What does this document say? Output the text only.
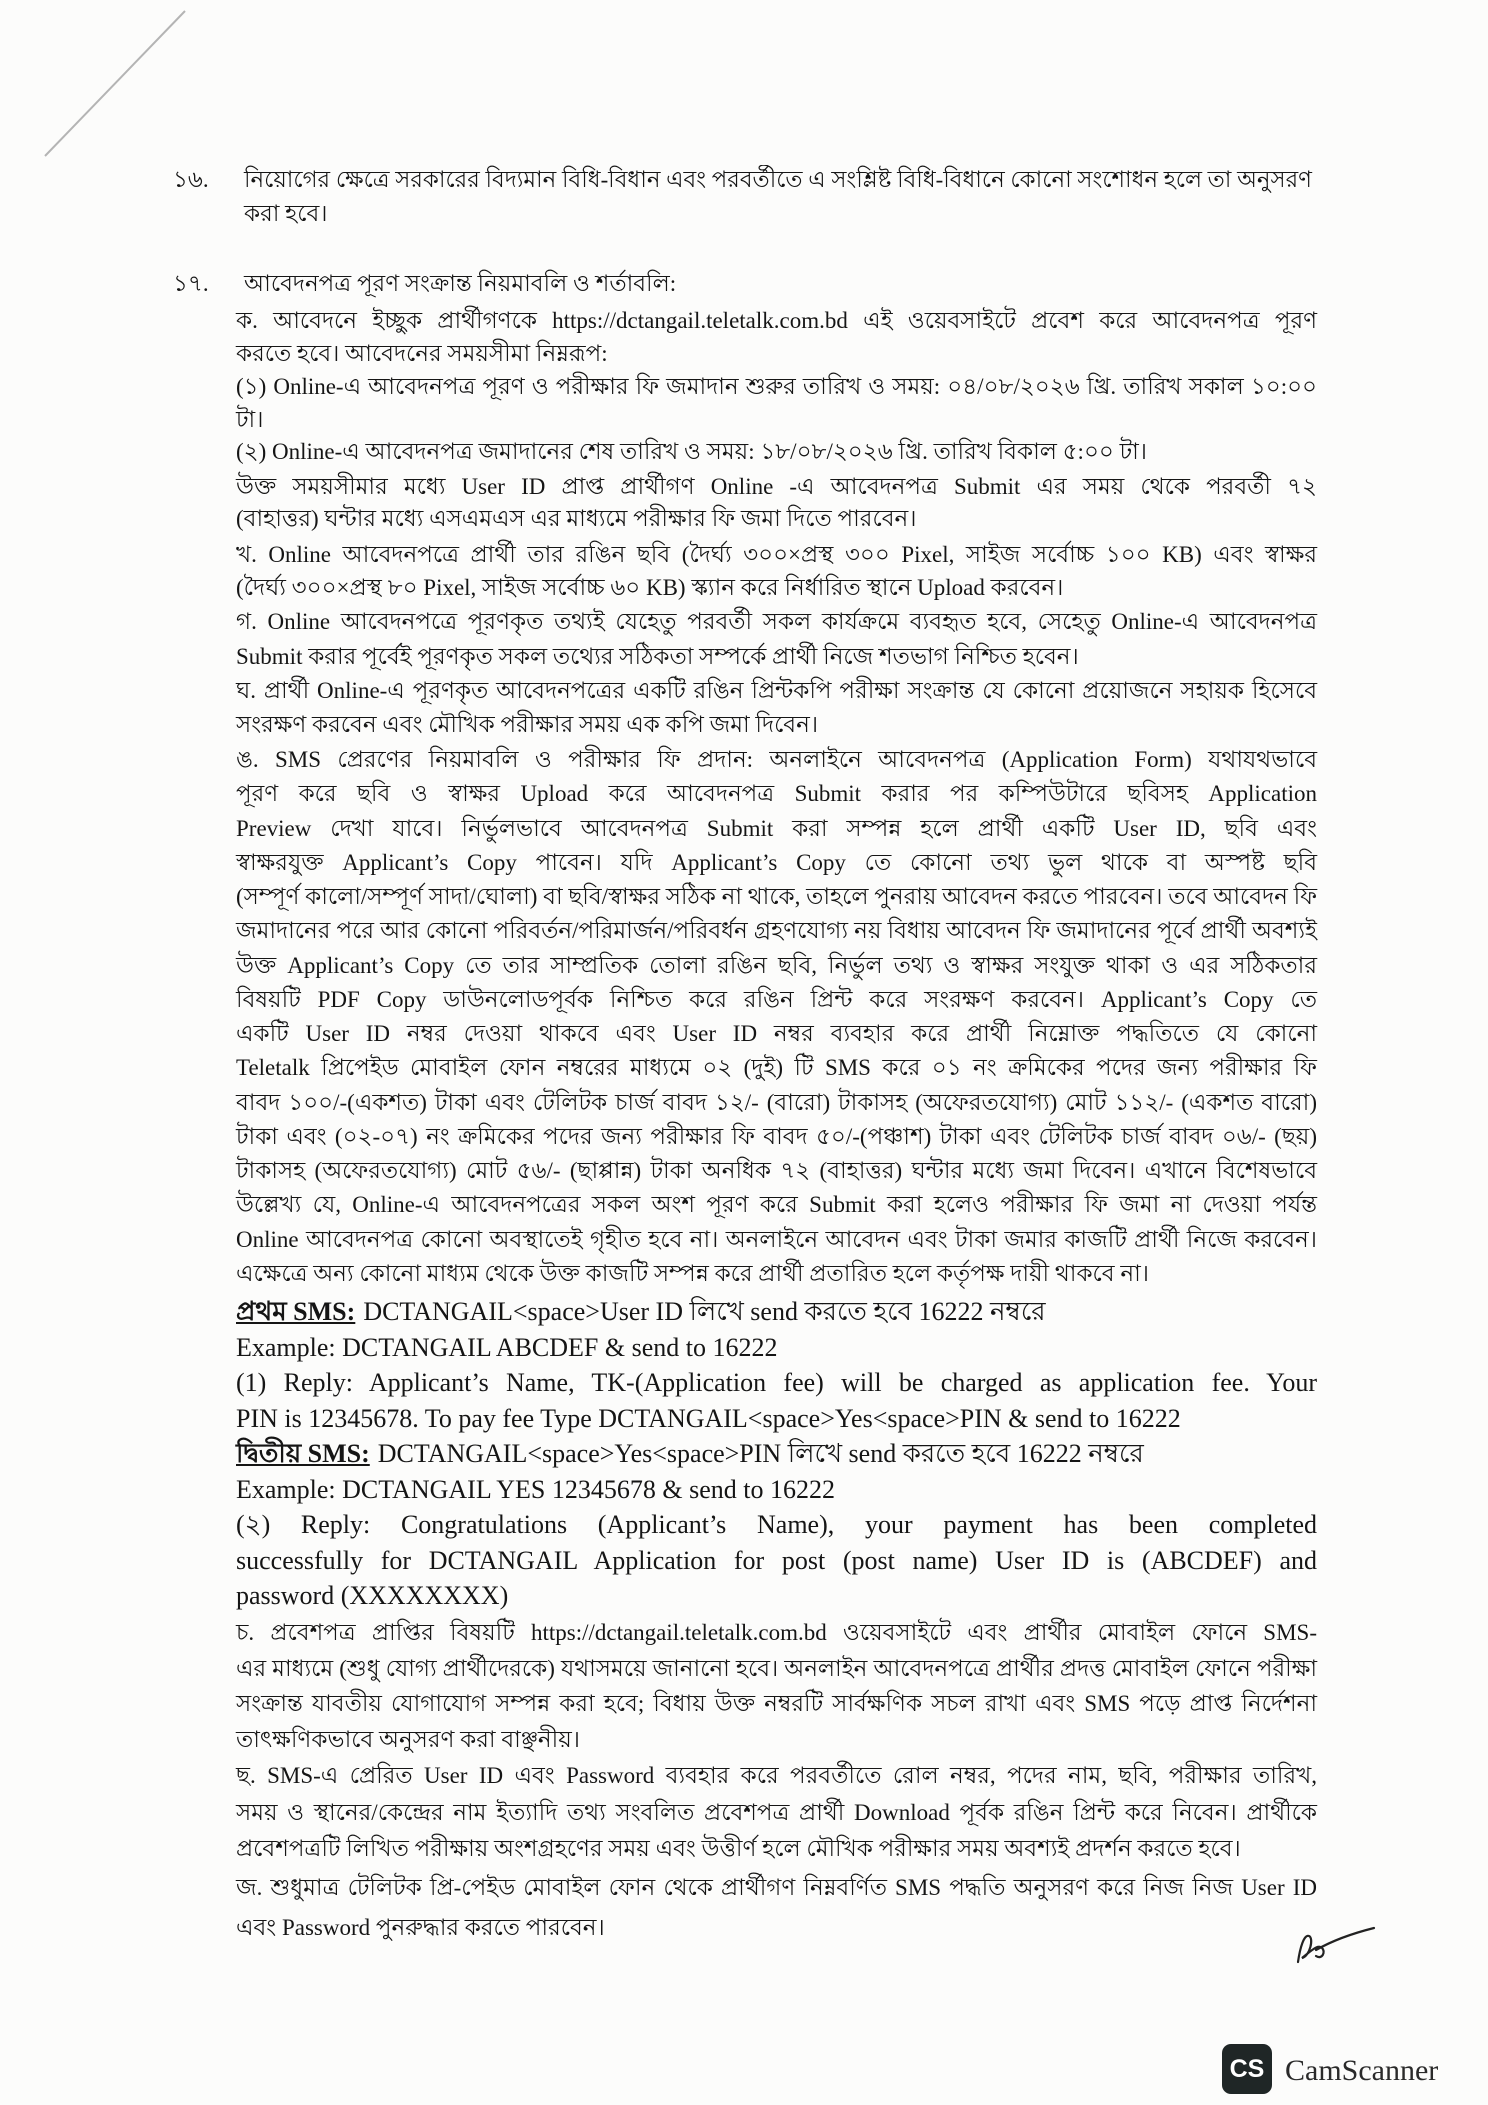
১৬. নিয়োগের ক্ষেত্রে সরকারের বিদ্যমান বিধি-বিধান এবং পরবর্তীতে এ সংশ্লিষ্ট বিধি-বিধানে কোনো সংশোধন হলে তা অনুসরণ
করা হবে।
১৭. আবেদনপত্র পূরণ সংক্রান্ত নিয়মাবলি ও শর্তাবলি:
ক. আবেদনে ইচ্ছুক প্রার্থীগণকে https://dctangail.teletalk.com.bd এই ওয়েবসাইটে প্রবেশ করে আবেদনপত্র পূরণ
করতে হবে। আবেদনের সময়সীমা নিম্নরূপ:
(১) Online-এ আবেদনপত্র পূরণ ও পরীক্ষার ফি জমাদান শুরুর তারিখ ও সময়: ০৪/০৮/২০২৬ খ্রি. তারিখ সকাল ১০:০০
টা।
(২) Online-এ আবেদনপত্র জমাদানের শেষ তারিখ ও সময়: ১৮/০৮/২০২৬ খ্রি. তারিখ বিকাল ৫:০০ টা।
উক্ত সময়সীমার মধ্যে User ID প্রাপ্ত প্রার্থীগণ Online -এ আবেদনপত্র Submit এর সময় থেকে পরবর্তী ৭২
(বাহাত্তর) ঘন্টার মধ্যে এসএমএস এর মাধ্যমে পরীক্ষার ফি জমা দিতে পারবেন।
খ. Online আবেদনপত্রে প্রার্থী তার রঙিন ছবি (দৈর্ঘ্য ৩০০×প্রস্থ ৩০০ Pixel, সাইজ সর্বোচ্চ ১০০ KB) এবং স্বাক্ষর
(দৈর্ঘ্য ৩০০×প্রস্থ ৮০ Pixel, সাইজ সর্বোচ্চ ৬০ KB) স্ক্যান করে নির্ধারিত স্থানে Upload করবেন।
গ. Online আবেদনপত্রে পূরণকৃত তথ্যই যেহেতু পরবর্তী সকল কার্যক্রমে ব্যবহৃত হবে, সেহেতু Online-এ আবেদনপত্র
Submit করার পূর্বেই পূরণকৃত সকল তথ্যের সঠিকতা সম্পর্কে প্রার্থী নিজে শতভাগ নিশ্চিত হবেন।
ঘ. প্রার্থী Online-এ পূরণকৃত আবেদনপত্রের একটি রঙিন প্রিন্টকপি পরীক্ষা সংক্রান্ত যে কোনো প্রয়োজনে সহায়ক হিসেবে
সংরক্ষণ করবেন এবং মৌখিক পরীক্ষার সময় এক কপি জমা দিবেন।
ঙ. SMS প্রেরণের নিয়মাবলি ও পরীক্ষার ফি প্রদান: অনলাইনে আবেদনপত্র (Application Form) যথাযথভাবে
পূরণ করে ছবি ও স্বাক্ষর Upload করে আবেদনপত্র Submit করার পর কম্পিউটারে ছবিসহ Application
Preview দেখা যাবে। নির্ভুলভাবে আবেদনপত্র Submit করা সম্পন্ন হলে প্রার্থী একটি User ID, ছবি এবং
স্বাক্ষরযুক্ত Applicant’s Copy পাবেন। যদি Applicant’s Copy তে কোনো তথ্য ভুল থাকে বা অস্পষ্ট ছবি
(সম্পূর্ণ কালো/সম্পূর্ণ সাদা/ঘোলা) বা ছবি/স্বাক্ষর সঠিক না থাকে, তাহলে পুনরায় আবেদন করতে পারবেন। তবে আবেদন ফি
জমাদানের পরে আর কোনো পরিবর্তন/পরিমার্জন/পরিবর্ধন গ্রহণযোগ্য নয় বিধায় আবেদন ফি জমাদানের পূর্বে প্রার্থী অবশ্যই
উক্ত Applicant’s Copy তে তার সাম্প্রতিক তোলা রঙিন ছবি, নির্ভুল তথ্য ও স্বাক্ষর সংযুক্ত থাকা ও এর সঠিকতার
বিষয়টি PDF Copy ডাউনলোডপূর্বক নিশ্চিত করে রঙিন প্রিন্ট করে সংরক্ষণ করবেন। Applicant’s Copy তে
একটি User ID নম্বর দেওয়া থাকবে এবং User ID নম্বর ব্যবহার করে প্রার্থী নিম্নোক্ত পদ্ধতিতে যে কোনো
Teletalk প্রিপেইড মোবাইল ফোন নম্বরের মাধ্যমে ০২ (দুই) টি SMS করে ০১ নং ক্রমিকের পদের জন্য পরীক্ষার ফি
বাবদ ১০০/-(একশত) টাকা এবং টেলিটক চার্জ বাবদ ১২/- (বারো) টাকাসহ (অফেরতযোগ্য) মোট ১১২/- (একশত বারো)
টাকা এবং (০২-০৭) নং ক্রমিকের পদের জন্য পরীক্ষার ফি বাবদ ৫০/-(পঞ্চাশ) টাকা এবং টেলিটক চার্জ বাবদ ০৬/- (ছয়)
টাকাসহ (অফেরতযোগ্য) মোট ৫৬/- (ছাপ্পান্ন) টাকা অনধিক ৭২ (বাহাত্তর) ঘন্টার মধ্যে জমা দিবেন। এখানে বিশেষভাবে
উল্লেখ্য যে, Online-এ আবেদনপত্রের সকল অংশ পূরণ করে Submit করা হলেও পরীক্ষার ফি জমা না দেওয়া পর্যন্ত
Online আবেদনপত্র কোনো অবস্থাতেই গৃহীত হবে না। অনলাইনে আবেদন এবং টাকা জমার কাজটি প্রার্থী নিজে করবেন।
এক্ষেত্রে অন্য কোনো মাধ্যম থেকে উক্ত কাজটি সম্পন্ন করে প্রার্থী প্রতারিত হলে কর্তৃপক্ষ দায়ী থাকবে না।
প্রথম SMS: DCTANGAIL<space>User ID লিখে send করতে হবে 16222 নম্বরে
Example: DCTANGAIL ABCDEF & send to 16222
(1) Reply: Applicant’s Name, TK-(Application fee) will be charged as application fee. Your
PIN is 12345678. To pay fee Type DCTANGAIL<space>Yes<space>PIN & send to 16222
দ্বিতীয় SMS: DCTANGAIL<space>Yes<space>PIN লিখে send করতে হবে 16222 নম্বরে
Example: DCTANGAIL YES 12345678 & send to 16222
(২) Reply: Congratulations (Applicant’s Name), your payment has been completed
successfully for DCTANGAIL Application for post (post name) User ID is (ABCDEF) and
password (XXXXXXXX)
চ. প্রবেশপত্র প্রাপ্তির বিষয়টি https://dctangail.teletalk.com.bd ওয়েবসাইটে এবং প্রার্থীর মোবাইল ফোনে SMS-
এর মাধ্যমে (শুধু যোগ্য প্রার্থীদেরকে) যথাসময়ে জানানো হবে। অনলাইন আবেদনপত্রে প্রার্থীর প্রদত্ত মোবাইল ফোনে পরীক্ষা
সংক্রান্ত যাবতীয় যোগাযোগ সম্পন্ন করা হবে; বিধায় উক্ত নম্বরটি সার্বক্ষণিক সচল রাখা এবং SMS পড়ে প্রাপ্ত নির্দেশনা
তাৎক্ষণিকভাবে অনুসরণ করা বাঞ্ছনীয়।
ছ. SMS-এ প্রেরিত User ID এবং Password ব্যবহার করে পরবর্তীতে রোল নম্বর, পদের নাম, ছবি, পরীক্ষার তারিখ,
সময় ও স্থানের/কেন্দ্রের নাম ইত্যাদি তথ্য সংবলিত প্রবেশপত্র প্রার্থী Download পূর্বক রঙিন প্রিন্ট করে নিবেন। প্রার্থীকে
প্রবেশপত্রটি লিখিত পরীক্ষায় অংশগ্রহণের সময় এবং উত্তীর্ণ হলে মৌখিক পরীক্ষার সময় অবশ্যই প্রদর্শন করতে হবে।
জ. শুধুমাত্র টেলিটক প্রি-পেইড মোবাইল ফোন থেকে প্রার্থীগণ নিম্নবর্ণিত SMS পদ্ধতি অনুসরণ করে নিজ নিজ User ID
এবং Password পুনরুদ্ধার করতে পারবেন।
CS CamScanner
